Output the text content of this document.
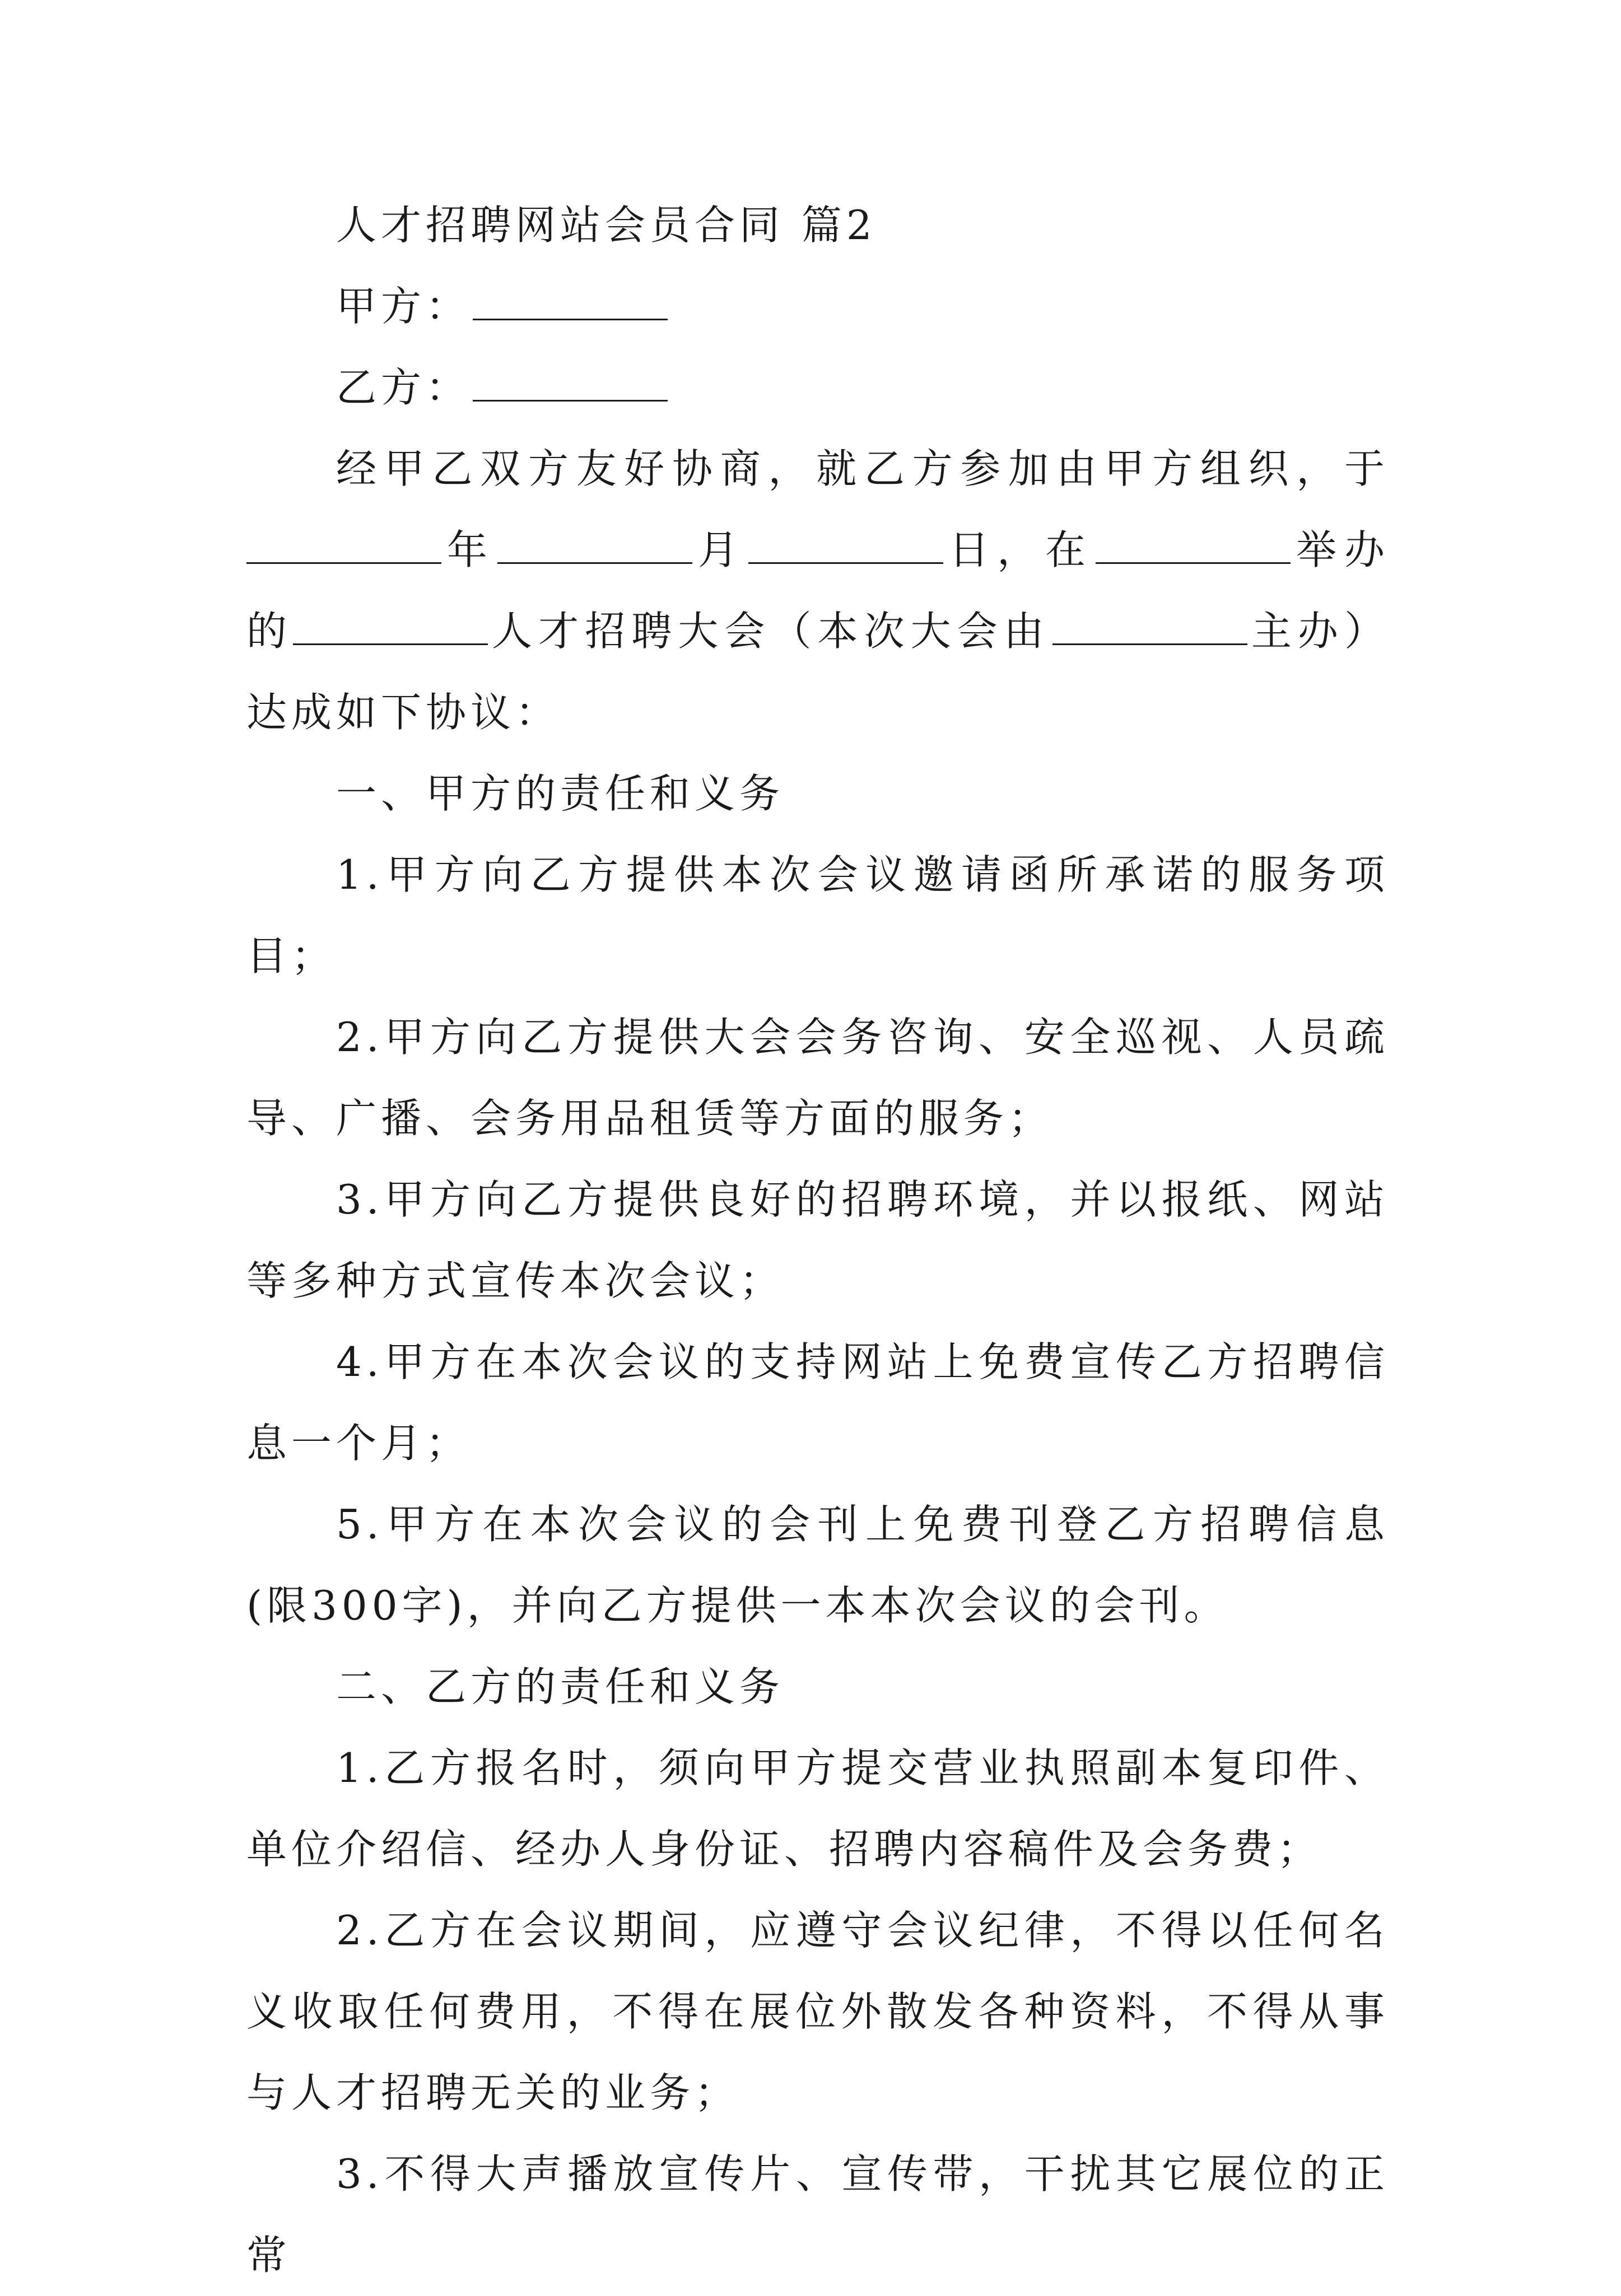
人才招聘网站会员合同 篇2

甲方：

乙方：

经甲乙双方友好协商，就乙方参加由甲方组织，于年	月	日，在	举办的	人才招聘大会（本次大会由	主办）达成如下协议：

一、甲方的责任和义务

1.甲方向乙方提供本次会议邀请函所承诺的服务项目；

2.甲方向乙方提供大会会务咨询、安全巡视、人员疏导、广播、会务用品租赁等方面的服务；

3.甲方向乙方提供良好的招聘环境，并以报纸、网站等多种方式宣传本次会议；

4.甲方在本次会议的支持网站上免费宣传乙方招聘信息一个月；

5.甲方在本次会议的会刊上免费刊登乙方招聘信息(限300字)，并向乙方提供一本本次会议的会刊。

二、乙方的责任和义务

1.乙方报名时，须向甲方提交营业执照副本复印件、单位介绍信、经办人身份证、招聘内容稿件及会务费；

2.乙方在会议期间，应遵守会议纪律，不得以任何名义收取任何费用，不得在展位外散发各种资料，不得从事与人才招聘无关的业务；

3.不得大声播放宣传片、宣传带，干扰其它展位的正常
